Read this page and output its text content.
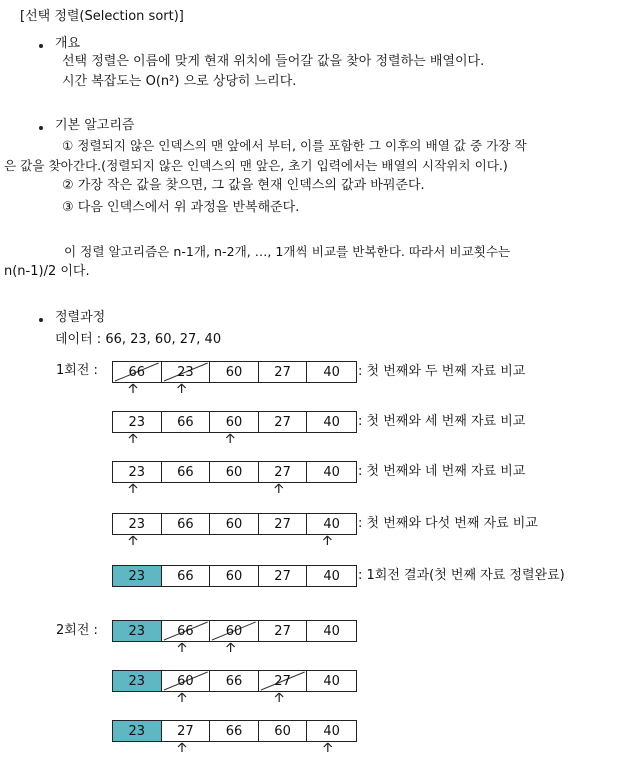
[선택 정렬(Selection sort)]
개요
선택 정렬은 이름에 맞게 현재 위치에 들어갈 값을 찾아 정렬하는 배열이다.
시간 복잡도는 O(n²) 으로 상당히 느리다.
기본 알고리즘
① 정렬되지 않은 인덱스의 맨 앞에서 부터, 이를 포함한 그 이후의 배열 값 중 가장 작
은 값을 찾아간다.(정렬되지 않은 인덱스의 맨 앞은, 초기 입력에서는 배열의 시작위치 이다.)
② 가장 작은 값을 찾으면, 그 값을 현재 인덱스의 값과 바꿔준다.
③ 다음 인덱스에서 위 과정을 반복해준다.
이 정렬 알고리즘은 n-1개, n-2개, …, 1개씩 비교를 반복한다. 따라서 비교횟수는
n(n-1)/2 이다.
정렬과정
데이터 : 66, 23, 60, 27, 40
1회전 :
2회전 :
66 23 60 27	40 : 첫 번째와 두 번째 자료 비교
23 66 60 27	40 : 첫 번째와 세 번째 자료 비교
23 66 60 27	40 : 첫 번째와 네 번째 자료 비교
23 66 60 27	40 : 첫 번째와 다섯 번째 자료 비교
23 66 60 27	40 : 1회전 결과(첫 번째 자료 정렬완료)
23 66 60 27	40
23 60 66 27	40
23 27 66 60	40
